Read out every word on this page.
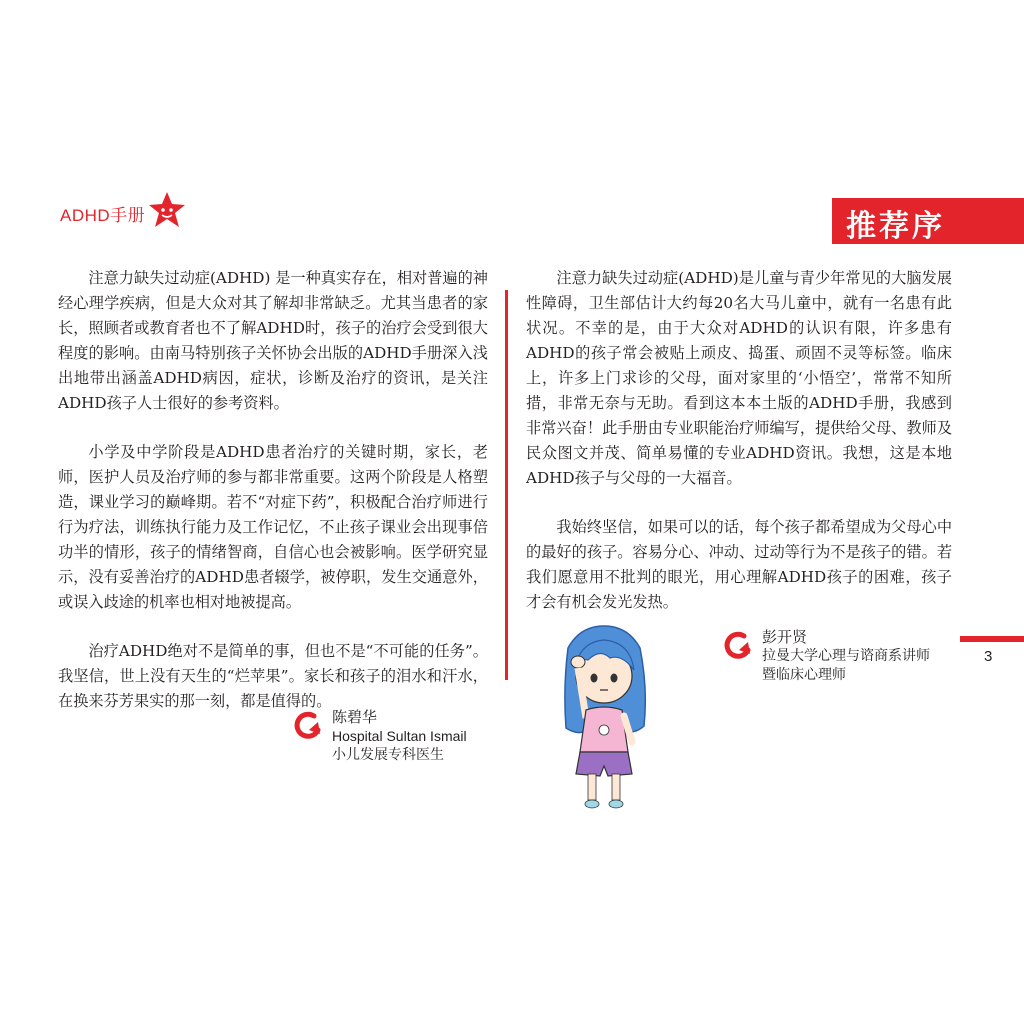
ADHD手册	推荐序

注意力缺失过动症(ADHD) 是一种真实存在，相对普遍的神经心理学疾病，但是大众对其了解却非常缺乏。尤其当患者的家长，照顾者或教育者也不了解ADHD时，孩子的治疗会受到很大程度的影响。由南马特别孩子关怀协会出版的ADHD手册深入浅出地带出涵盖ADHD病因，症状，诊断及治疗的资讯，是关注ADHD孩子人士很好的参考资料。

小学及中学阶段是ADHD患者治疗的关键时期，家长，老师，医护人员及治疗师的参与都非常重要。这两个阶段是人格塑造，课业学习的巅峰期。若不“对症下药”，积极配合治疗师进行行为疗法，训练执行能力及工作记忆，不止孩子课业会出现事倍功半的情形，孩子的情绪智商，自信心也会被影响。医学研究显示，没有妥善治疗的ADHD患者辍学，被停职，发生交通意外，或误入歧途的机率也相对地被提高。

治疗ADHD绝对不是简单的事，但也不是“不可能的任务”。我坚信，世上没有天生的“烂苹果”。家长和孩子的泪水和汗水，在换来芬芳果实的那一刻，都是值得的。

注意力缺失过动症(ADHD)是儿童与青少年常见的大脑发展性障碍，卫生部估计大约每20名大马儿童中，就有一名患有此状况。不幸的是，由于大众对ADHD的认识有限，许多患有ADHD的孩子常会被贴上顽皮、捣蛋、顽固不灵等标签。临床上，许多上门求诊的父母，面对家里的‘小悟空’，常常不知所措，非常无奈与无助。看到这本本土版的ADHD手册，我感到非常兴奋！此手册由专业职能治疗师编写，提供给父母、教师及民众图文并茂、简单易懂的专业ADHD资讯。我想，这是本地ADHD孩子与父母的一大福音。

我始终坚信，如果可以的话，每个孩子都希望成为父母心中的最好的孩子。容易分心、冲动、过动等行为不是孩子的错。若我们愿意用不批判的眼光，用心理解ADHD孩子的困难，孩子才会有机会发光发热。

陈碧华
Hospital Sultan Ismail
小儿发展专科医生
彭开贤
拉曼大学心理与谘商系讲师
暨临床心理师
3
